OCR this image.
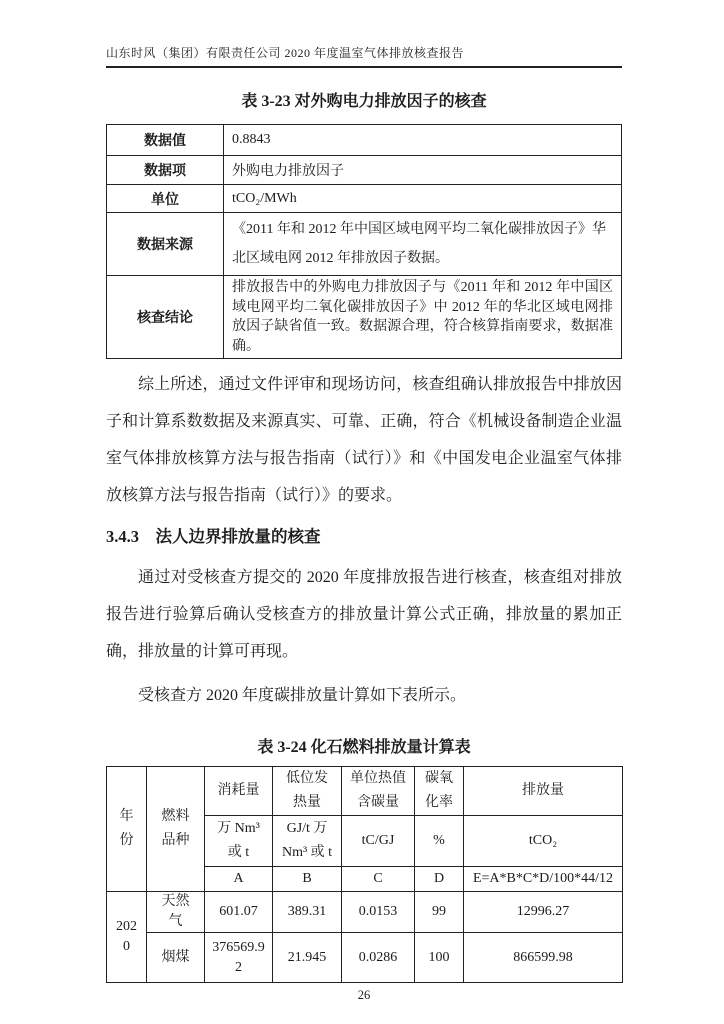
山东时风（集团）有限责任公司 2020 年度温室气体排放核查报告
表 3-23 对外购电力排放因子的核查
数据值	0.8843
数据项	外购电力排放因子
单位	tCO₂/MWh
数据来源	《2011 年和 2012 年中国区域电网平均二氧化碳排放因子》华北区域电网 2012 年排放因子数据。
核查结论	排放报告中的外购电力排放因子与《2011 年和 2012 年中国区域电网平均二氧化碳排放因子》中 2012 年的华北区域电网排放因子缺省值一致。数据源合理，符合核算指南要求，数据准确。

综上所述，通过文件评审和现场访问，核查组确认排放报告中排放因子和计算系数数据及来源真实、可靠、正确，符合《机械设备制造企业温室气体排放核算方法与报告指南（试行）》和《中国发电企业温室气体排放核算方法与报告指南（试行）》的要求。

3.4.3　法人边界排放量的核查

通过对受核查方提交的 2020 年度排放报告进行核查，核查组对排放报告进行验算后确认受核查方的排放量计算公式正确，排放量的累加正确，排放量的计算可再现。

受核查方 2020 年度碳排放量计算如下表所示。

表 3-24 化石燃料排放量计算表
年份	燃料品种	消耗量	低位发热量	单位热值含碳量	碳氧化率	排放量
		万 Nm³ 或 t	GJ/t 万 Nm³ 或 t	tC/GJ	%	tCO₂
		A	B	C	D	E=A*B*C*D/100*44/12
2020	天然气	601.07	389.31	0.0153	99	12996.27
	烟煤	376569.92	21.945	0.0286	100	866599.98
26
